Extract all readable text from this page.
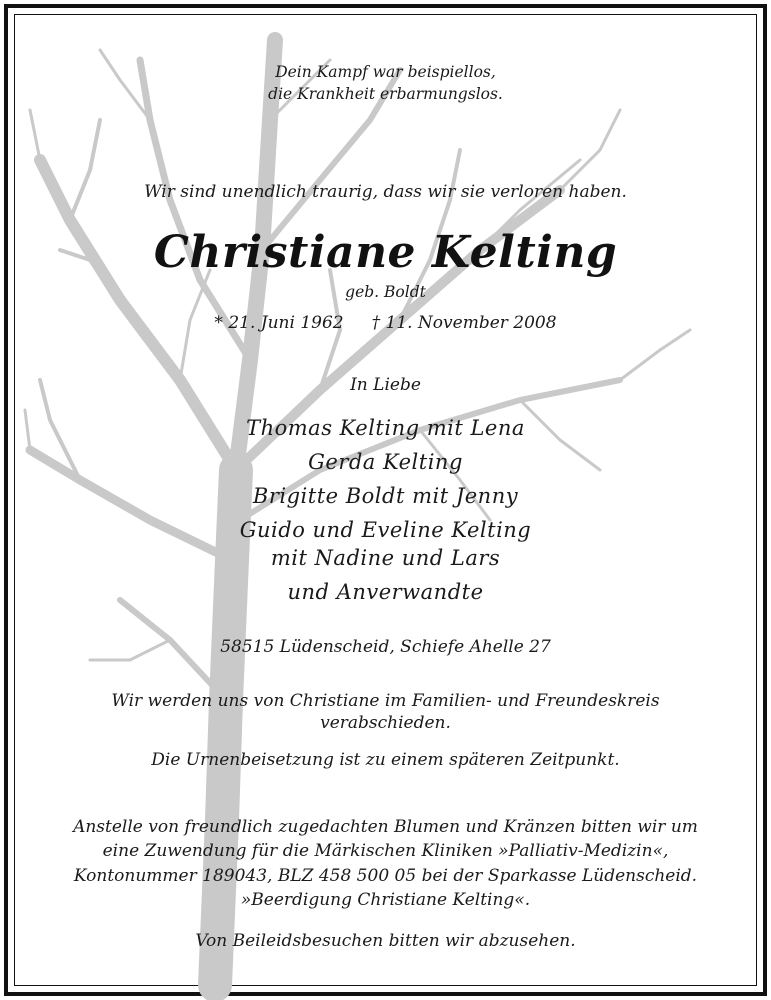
Dein Kampf war beispiellos,
die Krankheit erbarmungslos.
Wir sind unendlich traurig, dass wir sie verloren haben.
Christiane Kelting
geb. Boldt
* 21. Juni 1962 † 11. November 2008
In Liebe
Thomas Kelting mit Lena
Gerda Kelting
Brigitte Boldt mit Jenny
Guido und Eveline Kelting
mit Nadine und Lars
und Anverwandte
58515 Lüdenscheid, Schiefe Ahelle 27
Wir werden uns von Christiane im Familien- und Freundeskreis
verabschieden.
Die Urnenbeisetzung ist zu einem späteren Zeitpunkt.
Anstelle von freundlich zugedachten Blumen und Kränzen bitten wir um
eine Zuwendung für die Märkischen Kliniken »Palliativ-Medizin«,
Kontonummer 189043, BLZ 458 500 05 bei der Sparkasse Lüdenscheid.
»Beerdigung Christiane Kelting«.
Von Beileidsbesuchen bitten wir abzusehen.
